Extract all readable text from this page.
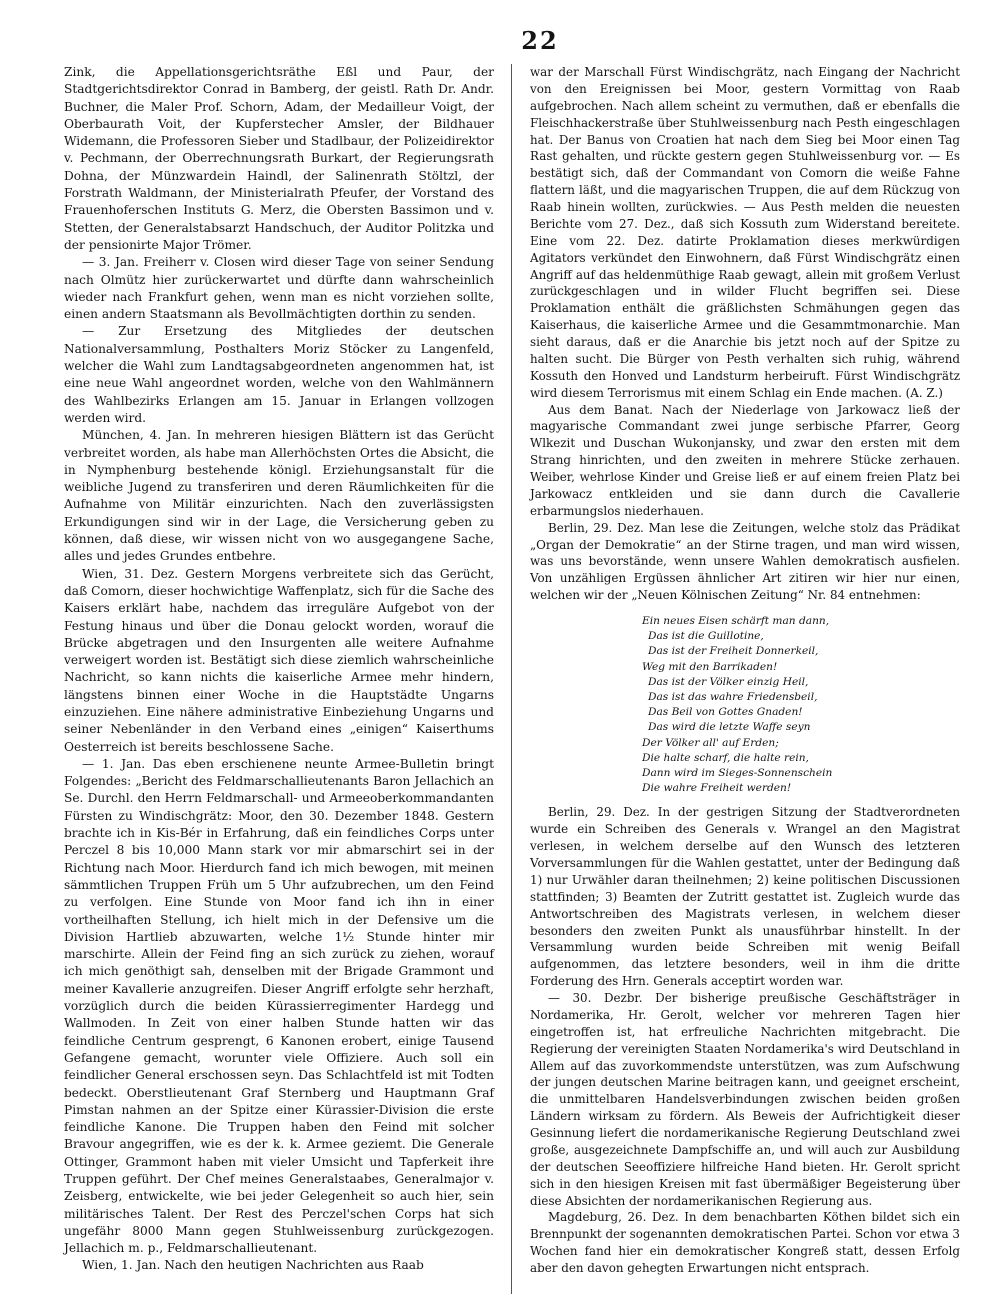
22

Zink, die Appellationsgerichtsräthe Eßl und Paur, der Stadtgerichtsdirektor Conrad in Bamberg, der geistl. Rath Dr. Andr. Buchner, die Maler Prof. Schorn, Adam, der Medailleur Voigt, der Oberbaurath Voit, der Kupferstecher Amsler, der Bildhauer Widemann, die Professoren Sieber und Stadlbaur, der Polizeidirektor v. Pechmann, der Oberrechnungsrath Burkart, der Regierungsrath Dohna, der Münzwardein Haindl, der Salinenrath Stöltzl, der Forstrath Waldmann, der Ministerialrath Pfeufer, der Vorstand des Frauenhoferschen Instituts G. Merz, die Obersten Bassimon und v. Stetten, der Generalstabsarzt Handschuch, der Auditor Politzka und der pensionirte Major Trömer.

— 3. Jan. Freiherr v. Closen wird dieser Tage von seiner Sendung nach Olmütz hier zurückerwartet und dürfte dann wahrscheinlich wieder nach Frankfurt gehen, wenn man es nicht vorziehen sollte, einen andern Staatsmann als Bevollmächtigten dorthin zu senden.

— Zur Ersetzung des Mitgliedes der deutschen Nationalversammlung, Posthalters Moriz Stöcker zu Langenfeld, welcher die Wahl zum Landtagsabgeordneten angenommen hat, ist eine neue Wahl angeordnet worden, welche von den Wahlmännern des Wahlbezirks Erlangen am 15. Januar in Erlangen vollzogen werden wird.

München, 4. Jan. In mehreren hiesigen Blättern ist das Gerücht verbreitet worden, als habe man Allerhöchsten Ortes die Absicht, die in Nymphenburg bestehende königl. Erziehungsanstalt für die weibliche Jugend zu transferiren und deren Räumlichkeiten für die Aufnahme von Militär einzurichten. Nach den zuverlässigsten Erkundigungen sind wir in der Lage, die Versicherung geben zu können, daß diese, wir wissen nicht von wo ausgegangene Sache, alles und jedes Grundes entbehre.

Wien, 31. Dez. Gestern Morgens verbreitete sich das Gerücht, daß Comorn, dieser hochwichtige Waffenplatz, sich für die Sache des Kaisers erklärt habe, nachdem das irreguläre Aufgebot von der Festung hinaus und über die Donau gelockt worden, worauf die Brücke abgetragen und den Insurgenten alle weitere Aufnahme verweigert worden ist. Bestätigt sich diese ziemlich wahrscheinliche Nachricht, so kann nichts die kaiserliche Armee mehr hindern, längstens binnen einer Woche in die Hauptstädte Ungarns einzuziehen. Eine nähere administrative Einbeziehung Ungarns und seiner Nebenländer in den Verband eines „einigen“ Kaiserthums Oesterreich ist bereits beschlossene Sache.

— 1. Jan. Das eben erschienene neunte Armee-Bulletin bringt Folgendes: „Bericht des Feldmarschallieutenants Baron Jellachich an Se. Durchl. den Herrn Feldmarschall- und Armeeoberkommandanten Fürsten zu Windischgrätz: Moor, den 30. Dezember 1848. Gestern brachte ich in Kis-Bér in Erfahrung, daß ein feindliches Corps unter Perczel 8 bis 10,000 Mann stark vor mir abmarschirt sei in der Richtung nach Moor. Hierdurch fand ich mich bewogen, mit meinen sämmtlichen Truppen Früh um 5 Uhr aufzubrechen, um den Feind zu verfolgen. Eine Stunde von Moor fand ich ihn in einer vortheilhaften Stellung, ich hielt mich in der Defensive um die Division Hartlieb abzuwarten, welche 1½ Stunde hinter mir marschirte. Allein der Feind fing an sich zurück zu ziehen, worauf ich mich genöthigt sah, denselben mit der Brigade Grammont und meiner Kavallerie anzugreifen. Dieser Angriff erfolgte sehr herzhaft, vorzüglich durch die beiden Kürassierregimenter Hardegg und Wallmoden. In Zeit von einer halben Stunde hatten wir das feindliche Centrum gesprengt, 6 Kanonen erobert, einige Tausend Gefangene gemacht, worunter viele Offiziere. Auch soll ein feindlicher General erschossen seyn. Das Schlachtfeld ist mit Todten bedeckt. Oberstlieutenant Graf Sternberg und Hauptmann Graf Pimstan nahmen an der Spitze einer Kürassier-Division die erste feindliche Kanone. Die Truppen haben den Feind mit solcher Bravour angegriffen, wie es der k. k. Armee geziemt. Die Generale Ottinger, Grammont haben mit vieler Umsicht und Tapferkeit ihre Truppen geführt. Der Chef meines Generalstaabes, Generalmajor v. Zeisberg, entwickelte, wie bei jeder Gelegenheit so auch hier, sein militärisches Talent. Der Rest des Perczel'schen Corps hat sich ungefähr 8000 Mann gegen Stuhlweissenburg zurückgezogen. Jellachich m. p., Feldmarschallieutenant.

Wien, 1. Jan. Nach den heutigen Nachrichten aus Raab

war der Marschall Fürst Windischgrätz, nach Eingang der Nachricht von den Ereignissen bei Moor, gestern Vormittag von Raab aufgebrochen. Nach allem scheint zu vermuthen, daß er ebenfalls die Fleischhackerstraße über Stuhlweissenburg nach Pesth eingeschlagen hat. Der Banus von Croatien hat nach dem Sieg bei Moor einen Tag Rast gehalten, und rückte gestern gegen Stuhlweissenburg vor. — Es bestätigt sich, daß der Commandant von Comorn die weiße Fahne flattern läßt, und die magyarischen Truppen, die auf dem Rückzug von Raab hinein wollten, zurückwies. — Aus Pesth melden die neuesten Berichte vom 27. Dez., daß sich Kossuth zum Widerstand bereitete. Eine vom 22. Dez. datirte Proklamation dieses merkwürdigen Agitators verkündet den Einwohnern, daß Fürst Windischgrätz einen Angriff auf das heldenmüthige Raab gewagt, allein mit großem Verlust zurückgeschlagen und in wilder Flucht begriffen sei. Diese Proklamation enthält die gräßlichsten Schmähungen gegen das Kaiserhaus, die kaiserliche Armee und die Gesammtmonarchie. Man sieht daraus, daß er die Anarchie bis jetzt noch auf der Spitze zu halten sucht. Die Bürger von Pesth verhalten sich ruhig, während Kossuth den Honved und Landsturm herbeiruft. Fürst Windischgrätz wird diesem Terrorismus mit einem Schlag ein Ende machen. (A. Z.)

Aus dem Banat. Nach der Niederlage von Jarkowacz ließ der magyarische Commandant zwei junge serbische Pfarrer, Georg Wlkezit und Duschan Wukonjansky, und zwar den ersten mit dem Strang hinrichten, und den zweiten in mehrere Stücke zerhauen. Weiber, wehrlose Kinder und Greise ließ er auf einem freien Platz bei Jarkowacz entkleiden und sie dann durch die Cavallerie erbarmungslos niederhauen.

Berlin, 29. Dez. Man lese die Zeitungen, welche stolz das Prädikat „Organ der Demokratie“ an der Stirne tragen, und man wird wissen, was uns bevorstände, wenn unsere Wahlen demokratisch ausfielen. Von unzähligen Ergüssen ähnlicher Art zitiren wir hier nur einen, welchen wir der „Neuen Kölnischen Zeitung“ Nr. 84 entnehmen:

Ein neues Eisen schärft man dann,
Das ist die Guillotine,
Das ist der Freiheit Donnerkeil,
Weg mit den Barrikaden!
Das ist der Völker einzig Heil,
Das ist das wahre Friedensbeil,
Das Beil von Gottes Gnaden!
Das wird die letzte Waffe seyn
Der Völker all' auf Erden;
Die halte scharf, die halte rein,
Dann wird im Sieges-Sonnenschein
Die wahre Freiheit werden!

Berlin, 29. Dez. In der gestrigen Sitzung der Stadtverordneten wurde ein Schreiben des Generals v. Wrangel an den Magistrat verlesen, in welchem derselbe auf den Wunsch des letzteren Vorversammlungen für die Wahlen gestattet, unter der Bedingung daß 1) nur Urwähler daran theilnehmen; 2) keine politischen Discussionen stattfinden; 3) Beamten der Zutritt gestattet ist. Zugleich wurde das Antwortschreiben des Magistrats verlesen, in welchem dieser besonders den zweiten Punkt als unausführbar hinstellt. In der Versammlung wurden beide Schreiben mit wenig Beifall aufgenommen, das letztere besonders, weil in ihm die dritte Forderung des Hrn. Generals acceptirt worden war.

— 30. Dezbr. Der bisherige preußische Geschäftsträger in Nordamerika, Hr. Gerolt, welcher vor mehreren Tagen hier eingetroffen ist, hat erfreuliche Nachrichten mitgebracht. Die Regierung der vereinigten Staaten Nordamerika's wird Deutschland in Allem auf das zuvorkommendste unterstützen, was zum Aufschwung der jungen deutschen Marine beitragen kann, und geeignet erscheint, die unmittelbaren Handelsverbindungen zwischen beiden großen Ländern wirksam zu fördern. Als Beweis der Aufrichtigkeit dieser Gesinnung liefert die nordamerikanische Regierung Deutschland zwei große, ausgezeichnete Dampfschiffe an, und will auch zur Ausbildung der deutschen Seeoffiziere hilfreiche Hand bieten. Hr. Gerolt spricht sich in den hiesigen Kreisen mit fast übermäßiger Begeisterung über diese Absichten der nordamerikanischen Regierung aus.

Magdeburg, 26. Dez. In dem benachbarten Köthen bildet sich ein Brennpunkt der sogenannten demokratischen Partei. Schon vor etwa 3 Wochen fand hier ein demokratischer Kongreß statt, dessen Erfolg aber den davon gehegten Erwartungen nicht entsprach.
